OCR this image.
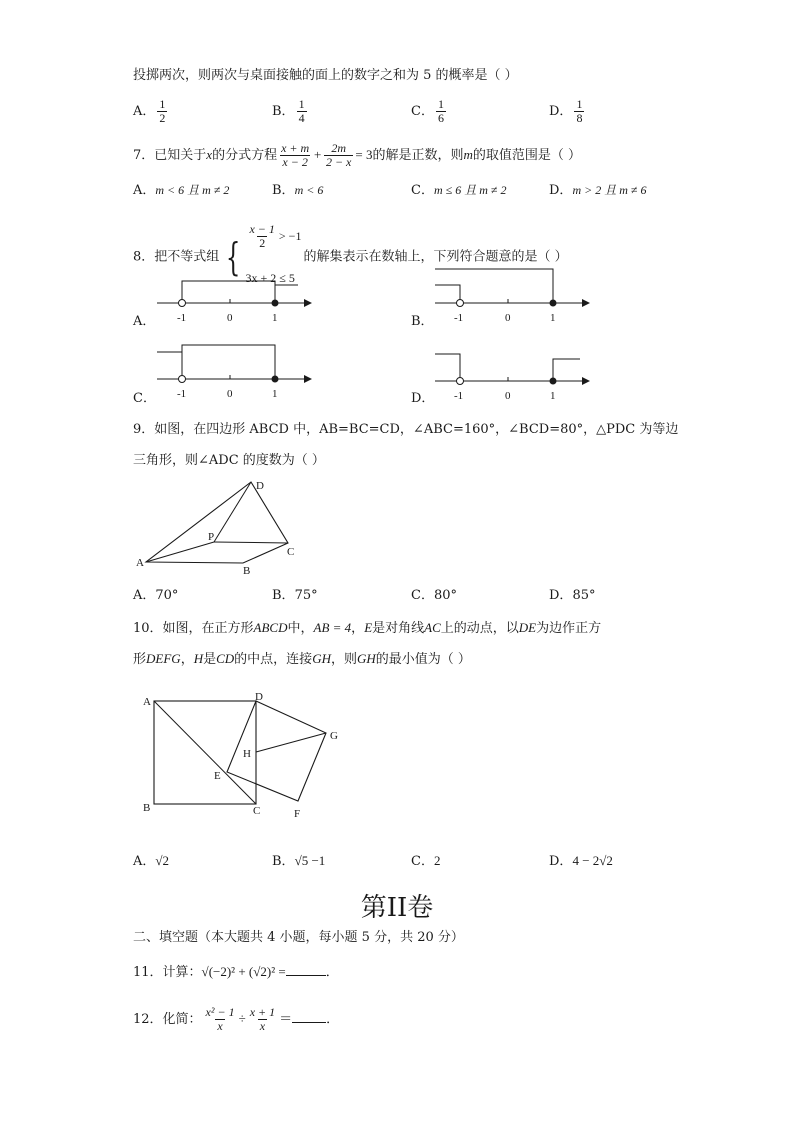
投掷两次，则两次与桌面接触的面上的数字之和为 5 的概率是（ ）
A． $\frac{1}{2}$	B． $\frac{1}{4}$	C． $\frac{1}{6}$	D． $\frac{1}{8}$
7．已知关于x的分式方程 $\frac{x + m}{x - 2} + \frac{2m}{2 - x} = 3$的解是正数，则m的取值范围是（ ）
A．m < 6 且 m ≠ 2	B．m < 6	C．m ≤ 6 且 m ≠ 2	D．m > 2 且 m ≠ 6
8．把不等式组 { $\frac{x - 1}{2} > -1$
3x + 2 ≤ 5
的解集表示在数轴上，下列符合题意的是（ ）
A．	B．
C．	D．
-1	0	1	-1	0	1
-1	0	1	-1	0	1
9．如图，在四边形 ABCD 中，AB=BC=CD，∠ABC=160°，∠BCD=80°，△PDC 为等边
三角形，则∠ADC 的度数为（ ）
A
B
C
D
P
A．70°	B．75°	C．80°	D．85°
10．如图，在正方形ABCD中，AB = 4，E是对角线AC上的动点，以DE为边作正方
形DEFG，H是CD的中点，连接GH，则GH的最小值为（ ）
A
B	C
D
E
F
G
H
A．√2	B．√5 −1	C．2	D．4 − 2√2
第II卷
二、填空题（本大题共 4 小题，每小题 5 分，共 20 分）
11．计算：√(−2)² + (√2)² =	．
12．化简： $\frac{\text{x² − 1}}{x} \div \frac{x + 1}{x}$ ＝	．
